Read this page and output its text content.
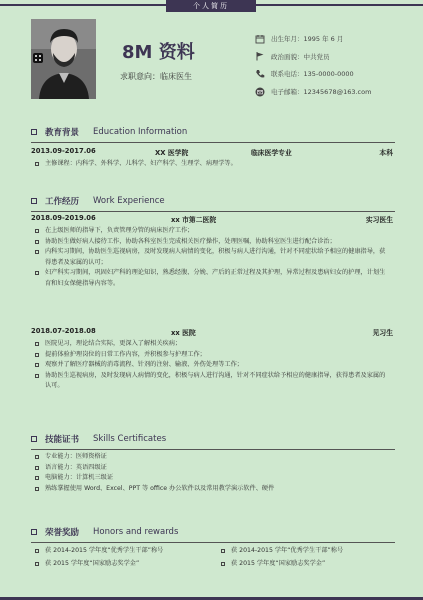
个人简历
8M 资料
求职意向：临床医生
出生年月：1995 年 6 月
政治面貌：中共党员
联系电话：135-0000-0000
电子邮箱：12345678@163.com
教育背景 Education Information
2013.09-2017.06	XX 医学院	临床医学专业	本科
主修课程：内科学、外科学、儿科学、妇产科学、生理学、病理学等。
工作经历 Work Experience
2018.09-2019.06	xx 市第二医院	实习医生
在上级医师的指导下，负责管理分管的病床医疗工作；
协助医生做好病人接待工作，协助各科室医生完成相关医疗操作，处理医嘱，协助科室医生进行配合诊治；
内科实习期间，协助医生巡视病房，及时发现病人病情的变化，积极与病人进行沟通，针对不同症状给予相应的健康指导，获得患者及家属的认可；
妇产科实习期间，巩固妇产科的理论知识，熟悉经腹、分娩、产后的正常过程及其护理，异常过程及患病妇女的护理，计划生育和妇女保健指导内容等。
2018.07-2018.08	xx 医院	见习生
医院见习，理论结合实际，更深入了解相关疾病；
提前体验护理岗位的日常工作内容，并积极参与护理工作；
观察并了解医疗器械的消毒流程、针剂的注射、输液、外伤处理等工作；
协助医生巡视病房，及时发现病人病情的变化，积极与病人进行沟通，针对不同症状给予相应的健康指导，获得患者及家属的认可。
技能证书 Skills Certificates
专业能力：医师资格证
语言能力：英语四级证
电脑能力：计算机三级证
熟练掌握使用 Word、Excel、PPT 等 office 办公软件以及常用教学演示软件、硬件
荣誉奖励 Honors and rewards
获 2014-2015 学年度“优秀学生干部”称号	获 2014-2015 学年“优秀学生干部”称号
获 2015 学年度“国家励志奖学金”	获 2015 学年度“国家励志奖学金”
